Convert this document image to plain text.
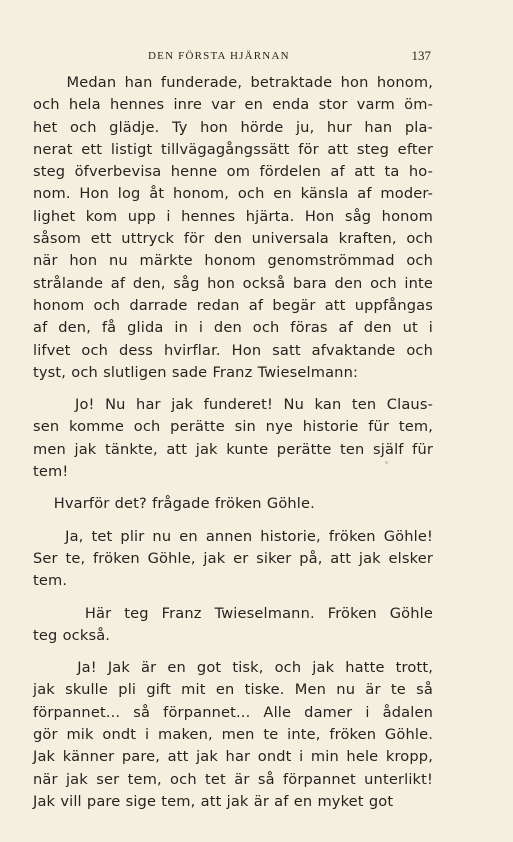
DEN FÖRSTA HJÄRNAN	137
Medan han funderade, betraktade hon honom,
och hela hennes inre var en enda stor varm öm-
het och glädje. Ty hon hörde ju, hur han pla-
nerat ett listigt tillvägagångssätt för att steg efter
steg öfverbevisa henne om fördelen af att ta ho-
nom. Hon log åt honom, och en känsla af moder-
lighet kom upp i hennes hjärta. Hon såg honom
såsom ett uttryck för den universala kraften, och
när hon nu märkte honom genomströmmad och
strålande af den, såg hon också bara den och inte
honom och darrade redan af begär att uppfångas
af den, få glida in i den och föras af den ut i
lifvet och dess hvirflar. Hon satt afvaktande och
tyst, och slutligen sade Franz Twieselmann:
Jo! Nu har jak funderet! Nu kan ten Claus-
sen komme och perätte sin nye historie für tem,
men jak tänkte, att jak kunte perätte ten själf für
tem!
Hvarför det? frågade fröken Göhle.
Ja, tet plir nu en annen historie, fröken Göhle!
Ser te, fröken Göhle, jak er siker på, att jak elsker
tem.
Här teg Franz Twieselmann. Fröken Göhle
teg också.
Ja! Jak är en got tisk, och jak hatte trott,
jak skulle pli gift mit en tiske. Men nu är te så
förpannet... så förpannet... Alle damer i ådalen
gör mik ondt i maken, men te inte, fröken Göhle.
Jak känner pare, att jak har ondt i min hele kropp,
när jak ser tem, och tet är så förpannet unterlikt!
Jak vill pare sige tem, att jak är af en myket got
